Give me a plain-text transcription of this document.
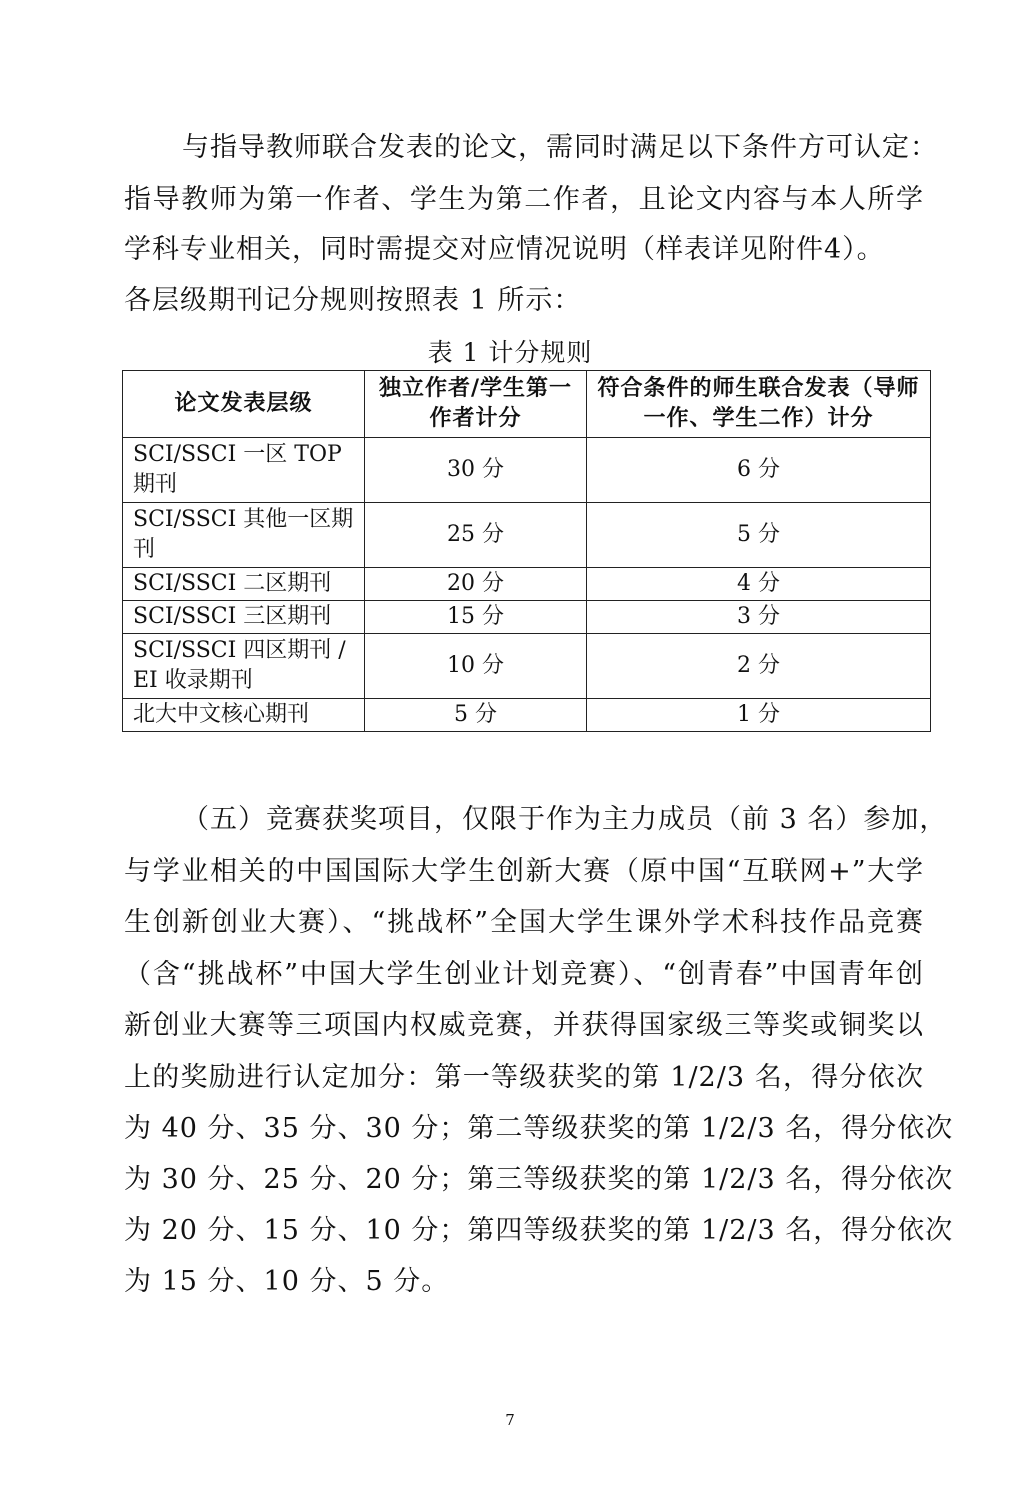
与指导教师联合发表的论文，需同时满足以下条件方可认定：
指导教师为第一作者、学生为第二作者，且论文内容与本人所学
学科专业相关，同时需提交对应情况说明（样表详见附件4）。
各层级期刊记分规则按照表 1 所示：
表 1 计分规则
论文发表层级	独立作者/学生第一作者计分	符合条件的师生联合发表（导师一作、学生二作）计分
SCI/SSCI 一区 TOP 期刊	30 分	6 分
SCI/SSCI 其他一区期刊	25 分	5 分
SCI/SSCI 二区期刊	20 分	4 分
SCI/SSCI 三区期刊	15 分	3 分
SCI/SSCI 四区期刊 / EI 收录期刊	10 分	2 分
北大中文核心期刊	5 分	1 分
（五）竞赛获奖项目，仅限于作为主力成员（前 3 名）参加，
与学业相关的中国国际大学生创新大赛（原中国“互联网+”大学
生创新创业大赛）、“挑战杯”全国大学生课外学术科技作品竞赛
（含“挑战杯”中国大学生创业计划竞赛）、“创青春”中国青年创
新创业大赛等三项国内权威竞赛，并获得国家级三等奖或铜奖以
上的奖励进行认定加分：第一等级获奖的第 1/2/3 名，得分依次
为 40 分、35 分、30 分；第二等级获奖的第 1/2/3 名，得分依次
为 30 分、25 分、20 分；第三等级获奖的第 1/2/3 名，得分依次
为 20 分、15 分、10 分；第四等级获奖的第 1/2/3 名，得分依次
为 15 分、10 分、5 分。
7
